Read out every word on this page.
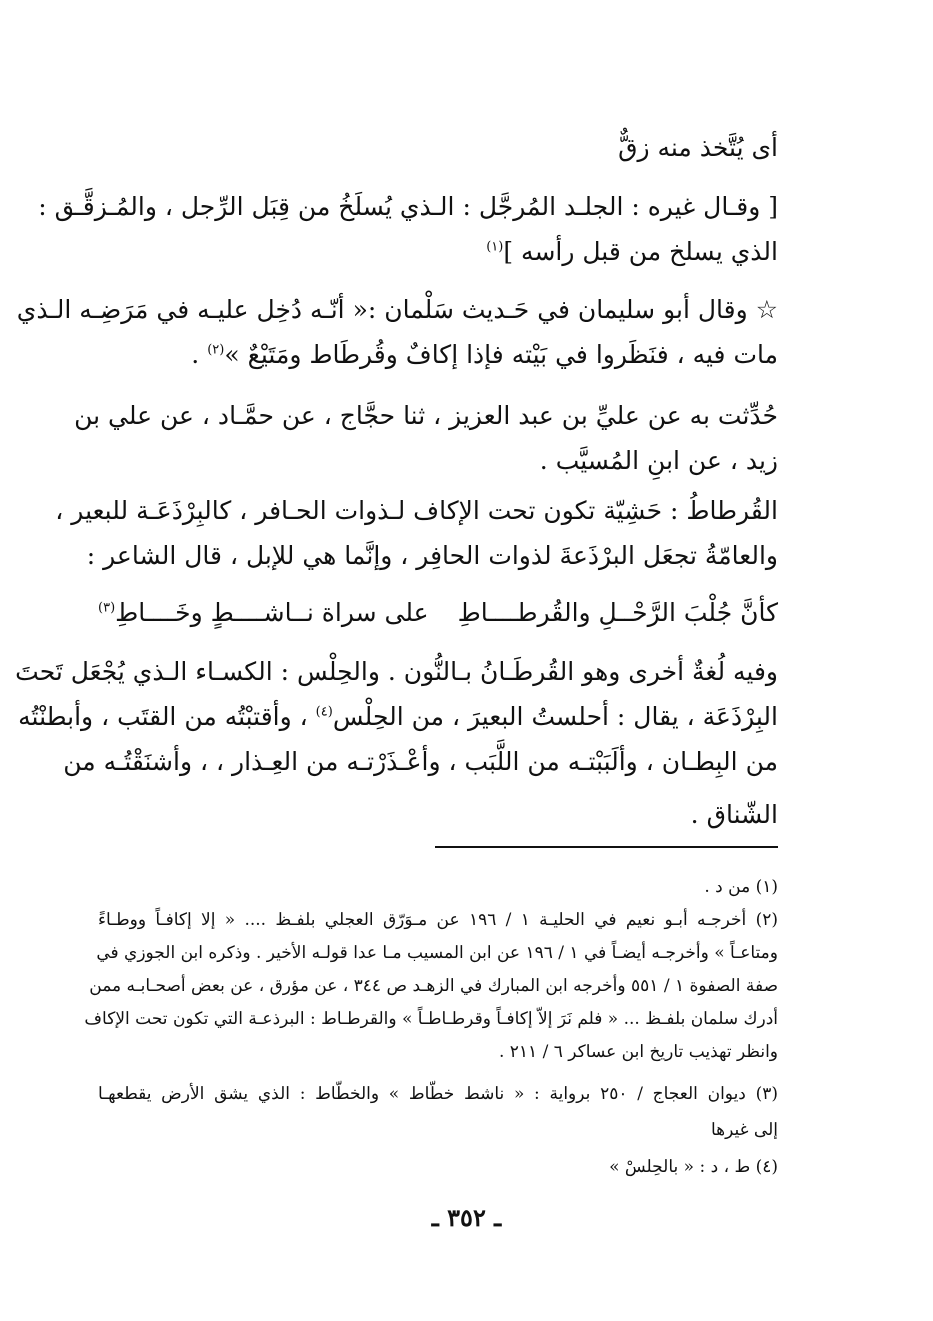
أى يُتَّخذ منه زقٌّ
[ وقـال غيره : الجلـد المُرجَّل : الـذي يُسلَخُ من قِبَل الرِّجل ، والمُـزقَّـق :
الذي يسلخ من قبل رأسه ]$^{(١)}$
☆ وقال أبو سليمان في حَـديث سَلْمان :« أنّـه دُخِل عليـه في مَرَضِـه الـذي
مات فيه ، فنَظَروا في بَيْته فإذا إكافٌ وقُرطَاط ومَتَيْعٌ »$^{(٢)}$ .
حُدِّثت به عن عليِّ بن عبد العزيز ، ثنا حجَّاج ، عن حمَّـاد ، عن علي بن
زيد ، عن ابنِ المُسيَّب .
القُرطاطُ : حَشِيّة تكون تحت الإكاف لـذوات الحـافر ، كالبِرْذَعَـة للبعير ،
والعامّةُ تجعَل البرْذَعةَ لذوات الحافِر ، وإنَّما هي للإبل ، قال الشاعر :
كأنَّ جُلْبَ الرَّحْــلِ والقُرطــــاطِ
على سراة نــاشــــطٍ وخَــــاطِ$^{(٣)}$
وفيه لُغةٌ أخرى وهو القُرطَـانُ بـالنُّون . والحِلْس : الكسـاء الـذي يُجْعَل تَحتَ
البِرْذَعَة ، يقال : أحلستُ البعيرَ ، من الحِلْس$^{(٤)}$ ، وأقتبْتُه من القتَب ، وأبطنْتُه
من البِطـان ، وألَبَبْتـه من اللَّبَب ، وأعْـذَرْتـه من العِـذار ، ، وأشنَقْتُـه من
الشّناق .
(١) من د .
(٢) أخرجـه أبـو نعيم في الحليـة ١ / ١٩٦ عن مـوَرّق العجلي بلفـظ .... « إلا إكافـاً ووطـاءً
ومتاعـاً » وأخرجـه أيضـاً في ١ / ١٩٦ عن ابن المسيب مـا عدا قولـه الأخير . وذكره ابن الجوزي في
صفة الصفوة ١ / ٥٥١ وأخرجه ابن المبارك في الزهـد ص ٣٤٤ ، عن مؤرق ، عن بعض أصحـابـه ممن
أدرك سلمان بلفـظ ... « فلم نَرَ إلاّ إكافـاً وقرطـاطـاً » والقرطـاط : البرذعـة التي تكون تحت الإكاف
وانظر تهذيب تاريخ ابن عساكر ٦ / ٢١١ .
(٣) ديوان العجاج / ٢٥٠ برواية : « ناشط خطّاط » والخطّاط : الذي يشق الأرض يقطعهـا
إلى غيرها
(٤) ط ، د : « بالحِلسْ »
ـ ٣٥٢ ـ
